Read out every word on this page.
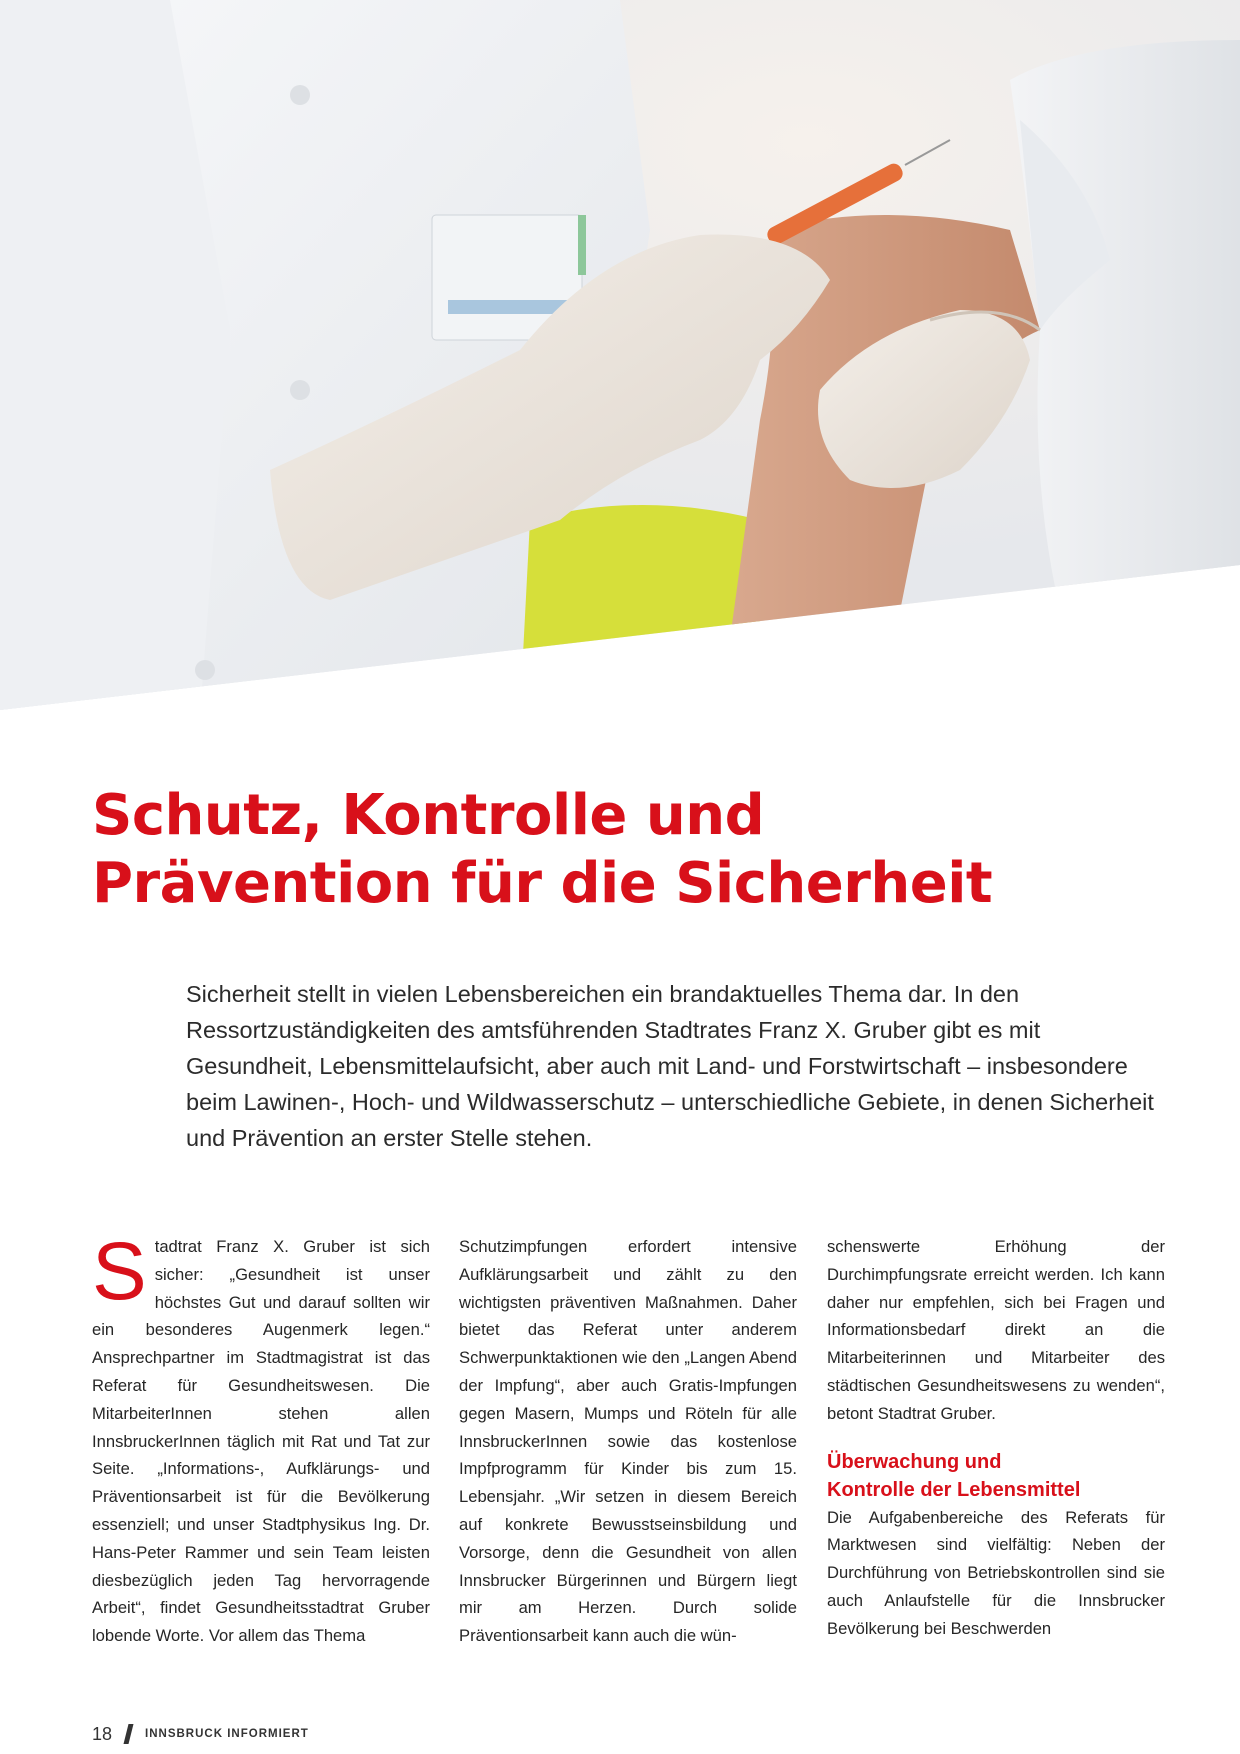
Schutz, Kontrolle und
Prävention für die Sicherheit

Sicherheit stellt in vielen Lebensbereichen ein brandaktuelles Thema dar. In den Ressortzuständigkeiten des amtsführenden Stadtrates Franz X. Gruber gibt es mit Gesundheit, Lebensmittelaufsicht, aber auch mit Land- und Forstwirtschaft – insbesondere beim Lawinen-, Hoch- und Wildwasserschutz – unterschiedliche Gebiete, in denen Sicherheit und Prävention an erster Stelle stehen.

S tadtrat Franz X. Gruber ist sich sicher: „Gesundheit ist unser höchstes Gut und darauf sollten wir ein besonderes Augenmerk legen.“ Ansprechpartner im Stadtmagistrat ist das Referat für Gesundheitswesen. Die MitarbeiterInnen stehen allen InnsbruckerInnen täglich mit Rat und Tat zur Seite. „Informations-, Aufklärungs- und Präventionsarbeit ist für die Bevölkerung essenziell; und unser Stadtphysikus Ing. Dr. Hans-Peter Rammer und sein Team leisten diesbezüglich jeden Tag hervorragende Arbeit“, findet Gesundheitsstadtrat Gruber lobende Worte. Vor allem das Thema

Schutzimpfungen erfordert intensive Aufklärungsarbeit und zählt zu den wichtigsten präventiven Maßnahmen. Daher bietet das Referat unter anderem Schwerpunktaktionen wie den „Langen Abend der Impfung“, aber auch Gratis-Impfungen gegen Masern, Mumps und Röteln für alle InnsbruckerInnen sowie das kostenlose Impfprogramm für Kinder bis zum 15. Lebensjahr. „Wir setzen in diesem Bereich auf konkrete Bewusstseinsbildung und Vorsorge, denn die Gesundheit von allen Innsbrucker Bürgerinnen und Bürgern liegt mir am Herzen. Durch solide Präventionsarbeit kann auch die wün-

schenswerte Erhöhung der Durchimpfungsrate erreicht werden. Ich kann daher nur empfehlen, sich bei Fragen und Informationsbedarf direkt an die Mitarbeiterinnen und Mitarbeiter des städtischen Gesundheitswesens zu wenden“, betont Stadtrat Gruber.

Überwachung und
Kontrolle der Lebensmittel

Die Aufgabenbereiche des Referats für Marktwesen sind vielfältig: Neben der Durchführung von Betriebskontrollen sind sie auch Anlaufstelle für die Innsbrucker Bevölkerung bei Beschwerden

18	INNSBRUCK INFORMIERT
